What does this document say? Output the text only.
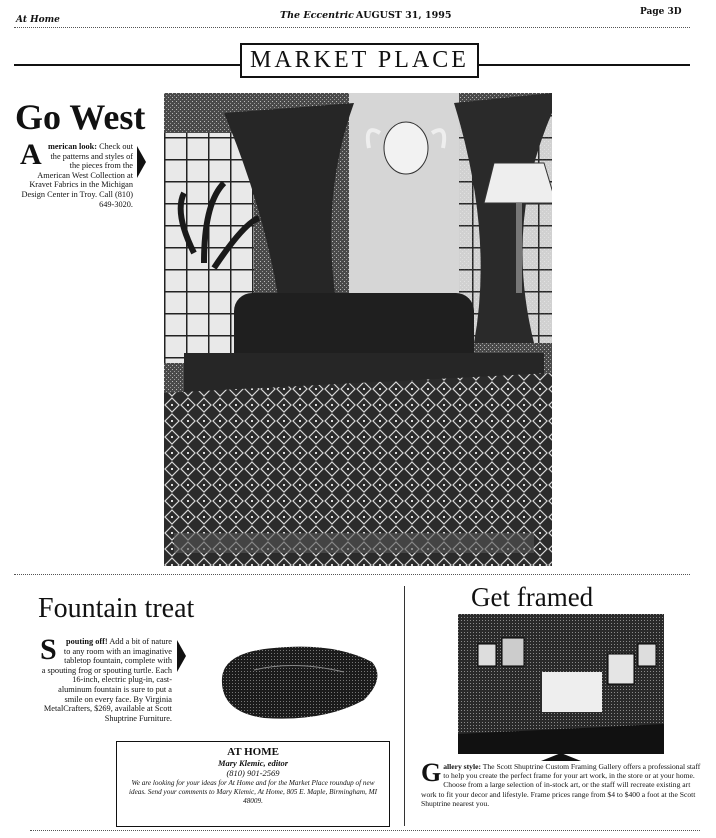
At Home	The Eccentric AUGUST 31, 1995	Page 3D
MARKET PLACE
Go West
American look: Check out the patterns and styles of the pieces from the American West Collection at Kravet Fabrics in the Michigan Design Center in Troy. Call (810) 649-3020.
Fountain treat
S pouting off! Add a bit of nature to any room with an imaginative tabletop fountain, complete with a spouting frog or spouting turtle. Each 16-inch, electric plug-in, cast-aluminum fountain is sure to put a smile on every face. By Virginia MetalCrafters, $269, available at Scott Shuptrine Furniture.
AT HOME
Mary Klemic, editor
(810) 901-2569
We are looking for your ideas for At Home and for the Market Place roundup of new ideas. Send your comments to Mary Klemic, At Home, 805 E. Maple, Birmingham, MI 48009.
Get framed
Gallery style: The Scott Shuptrine Custom Framing Gallery offers a professional staff to help you create the perfect frame for your art work, in the store or at your home. Choose from a large selection of in-stock art, or the staff will recreate existing art work to fit your decor and lifestyle. Frame prices range from $4 to $400 a foot at the Scott Shuptrine nearest you.
